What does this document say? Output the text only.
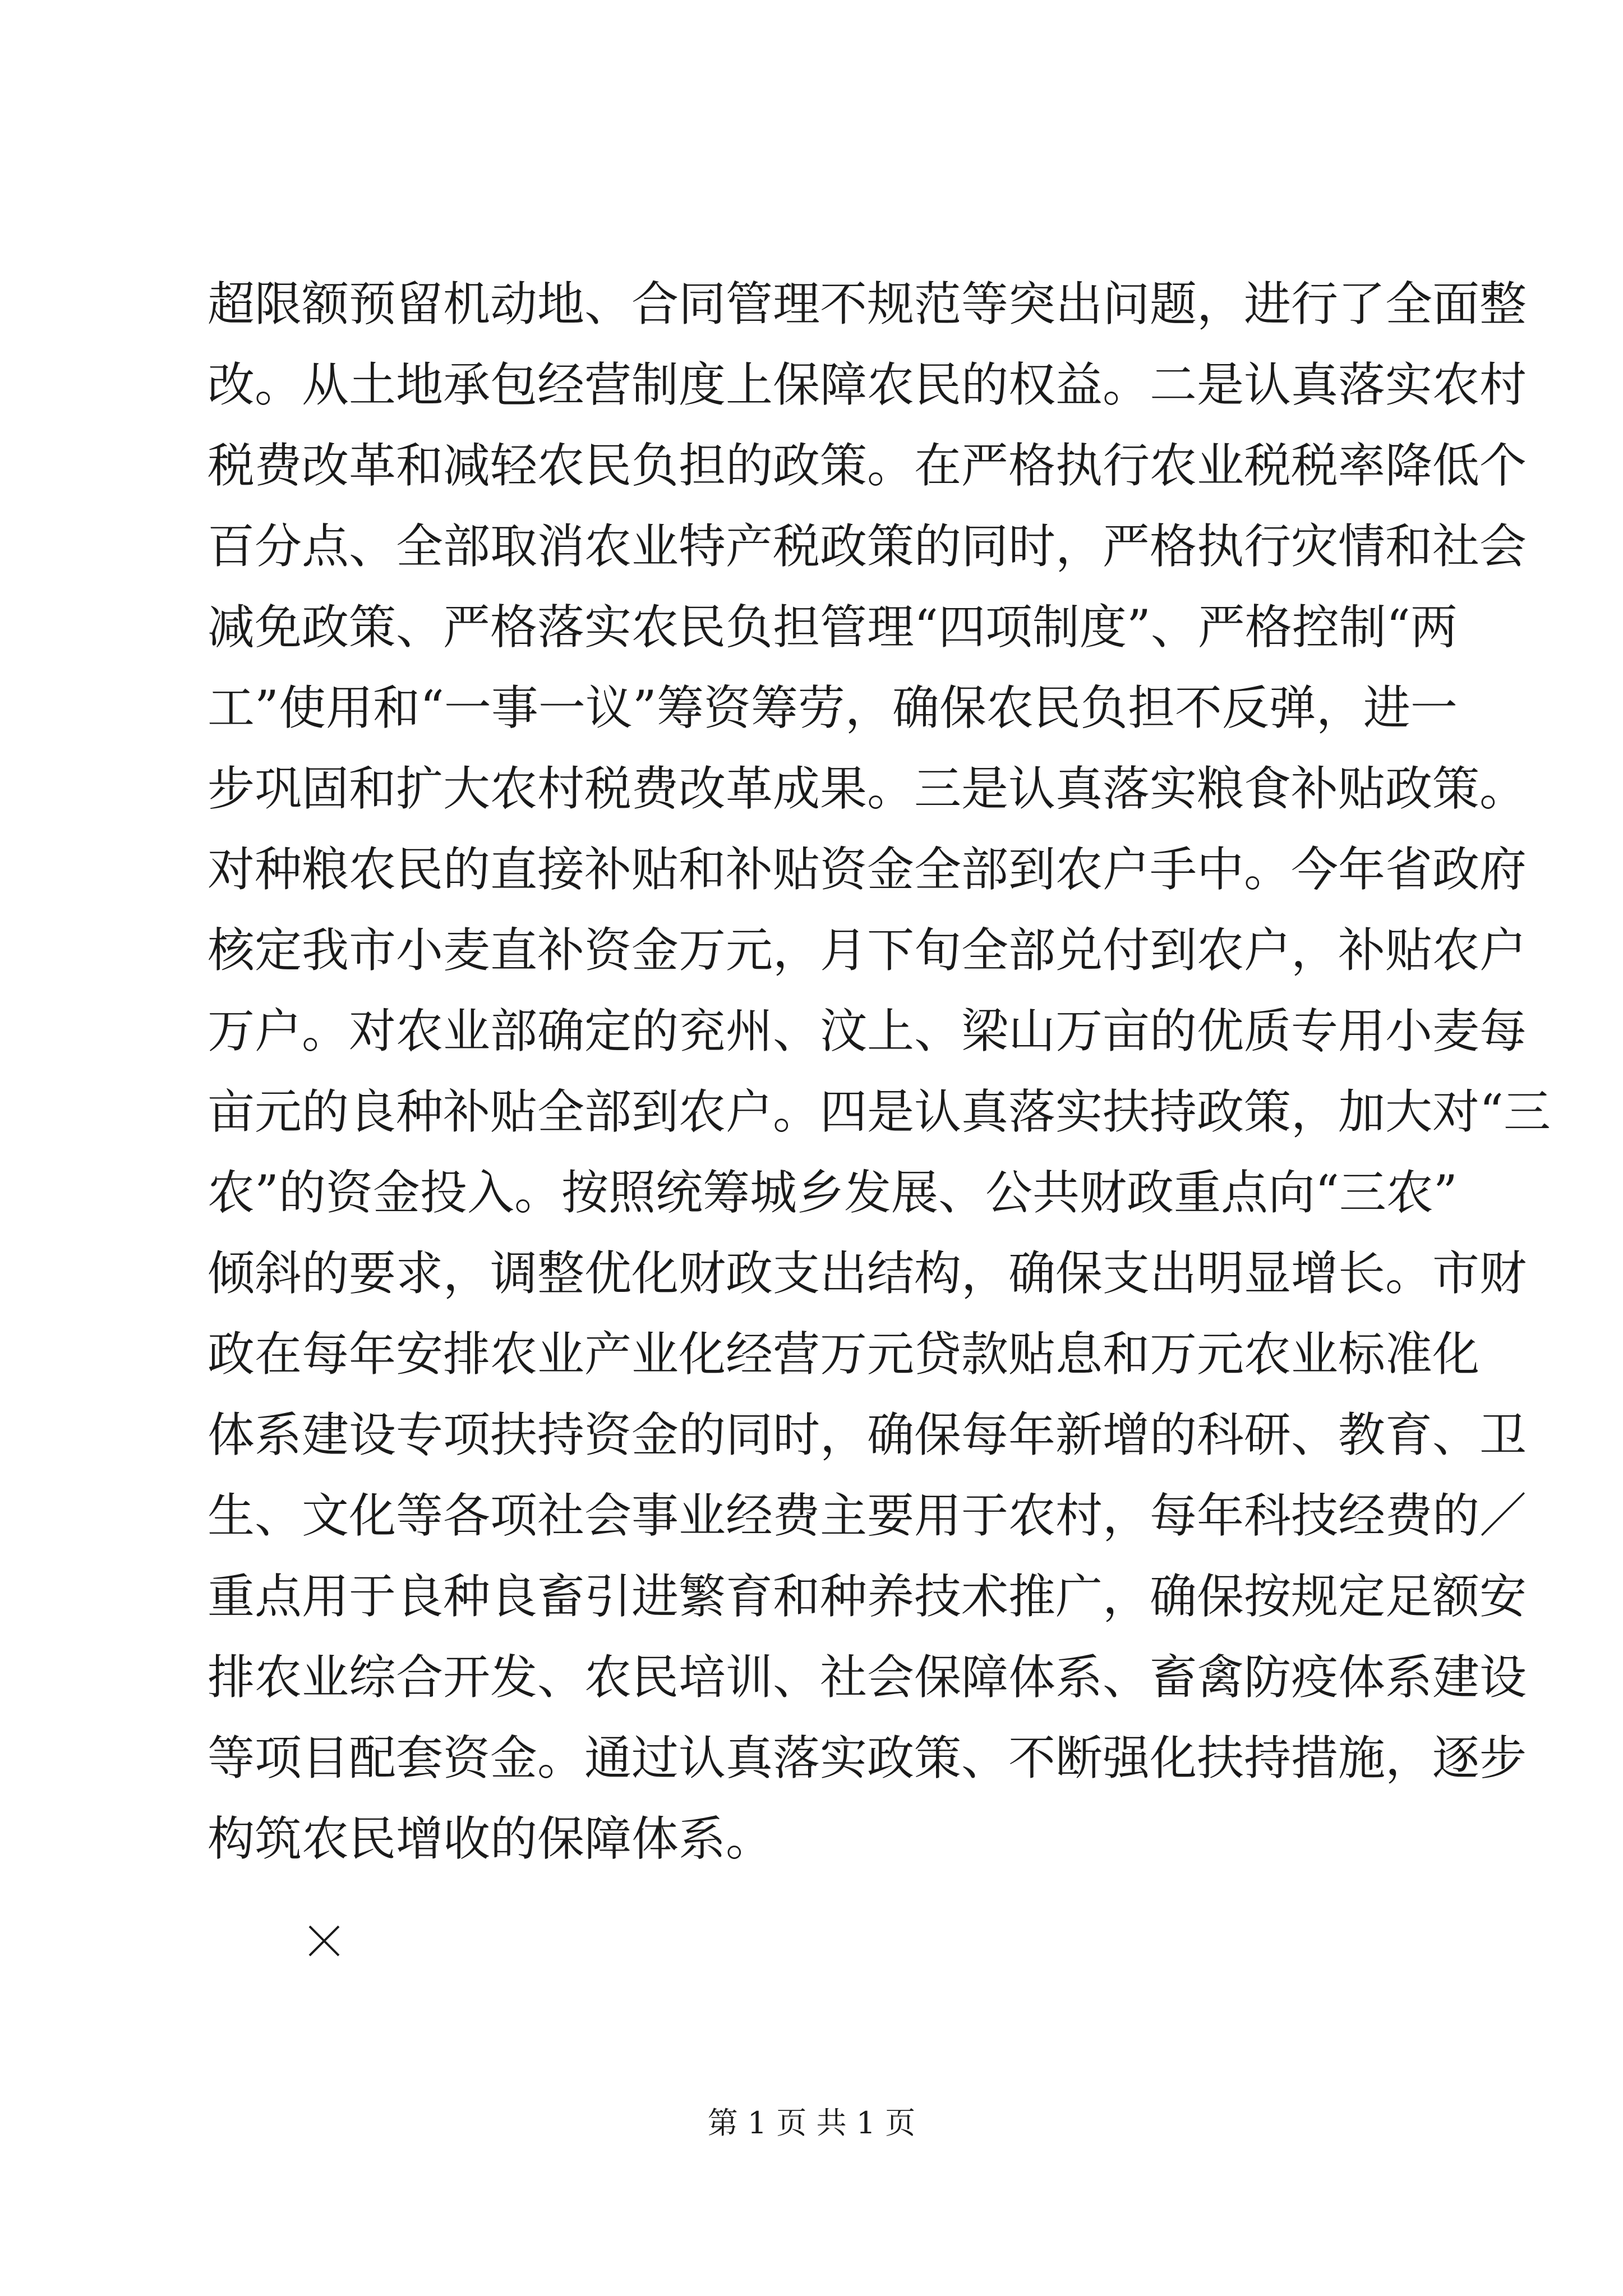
超限额预留机动地、合同管理不规范等突出问题，进行了全面整
改。从土地承包经营制度上保障农民的权益。二是认真落实农村
税费改革和减轻农民负担的政策。在严格执行农业税税率降低个
百分点、全部取消农业特产税政策的同时，严格执行灾情和社会
减免政策、严格落实农民负担管理“四项制度”、严格控制“两
工”使用和“一事一议”筹资筹劳，确保农民负担不反弹，进一
步巩固和扩大农村税费改革成果。三是认真落实粮食补贴政策。
对种粮农民的直接补贴和补贴资金全部到农户手中。今年省政府
核定我市小麦直补资金万元，月下旬全部兑付到农户，补贴农户
万户。对农业部确定的兖州、汶上、梁山万亩的优质专用小麦每
亩元的良种补贴全部到农户。四是认真落实扶持政策，加大对“三
农”的资金投入。按照统筹城乡发展、公共财政重点向“三农”
倾斜的要求，调整优化财政支出结构，确保支出明显增长。市财
政在每年安排农业产业化经营万元贷款贴息和万元农业标准化
体系建设专项扶持资金的同时，确保每年新增的科研、教育、卫
生、文化等各项社会事业经费主要用于农村，每年科技经费的／
重点用于良种良畜引进繁育和种养技术推广，确保按规定足额安
排农业综合开发、农民培训、社会保障体系、畜禽防疫体系建设
等项目配套资金。通过认真落实政策、不断强化扶持措施，逐步
构筑农民增收的保障体系。
第 1 页 共 1 页
